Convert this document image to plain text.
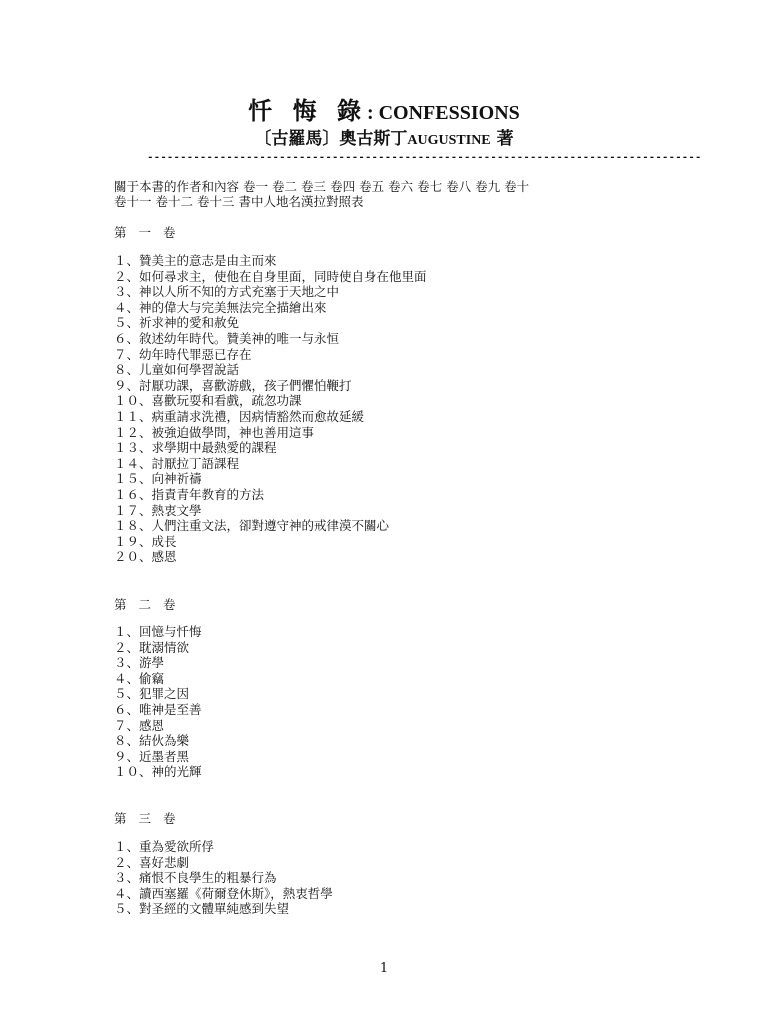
忏 悔 錄: CONFESSIONS
〔古羅馬〕奧古斯丁AUGUSTINE 著
------------------------------------------------------------------------------------
關于本書的作者和內容 卷一 卷二 卷三 卷四 卷五 卷六 卷七 卷八 卷九 卷十
卷十一 卷十二 卷十三 書中人地名漢拉對照表
第 一 卷
１、贊美主的意志是由主而來
２、如何尋求主，使他在自身里面，同時使自身在他里面
３、神以人所不知的方式充塞于天地之中
４、神的偉大与完美無法完全描繪出來
５、祈求神的愛和赦免
６、敘述幼年時代。贊美神的唯一与永恒
７、幼年時代罪惡已存在
８、儿童如何學習說話
９、討厭功課，喜歡游戲，孩子們懼怕鞭打
１０、喜歡玩耍和看戲，疏忽功課
１１、病重請求洗禮，因病情豁然而愈故延緩
１２、被強迫做學問，神也善用這事
１３、求學期中最熱愛的課程
１４、討厭拉丁語課程
１５、向神祈禱
１６、指責青年教育的方法
１７、熱衷文學
１８、人們注重文法，卻對遵守神的戒律漠不關心
１９、成長
２０、感恩
第 二 卷
１、回憶与忏悔
２、耽溺情欲
３、游學
４、偷竊
５、犯罪之因
６、唯神是至善
７、感恩
８、結伙為樂
９、近墨者黑
１０、神的光輝
第 三 卷
１、重為愛欲所俘
２、喜好悲劇
３、痛恨不良學生的粗暴行為
４、讀西塞羅《荷爾登休斯》，熱衷哲學
５、對圣經的文體單純感到失望
1
